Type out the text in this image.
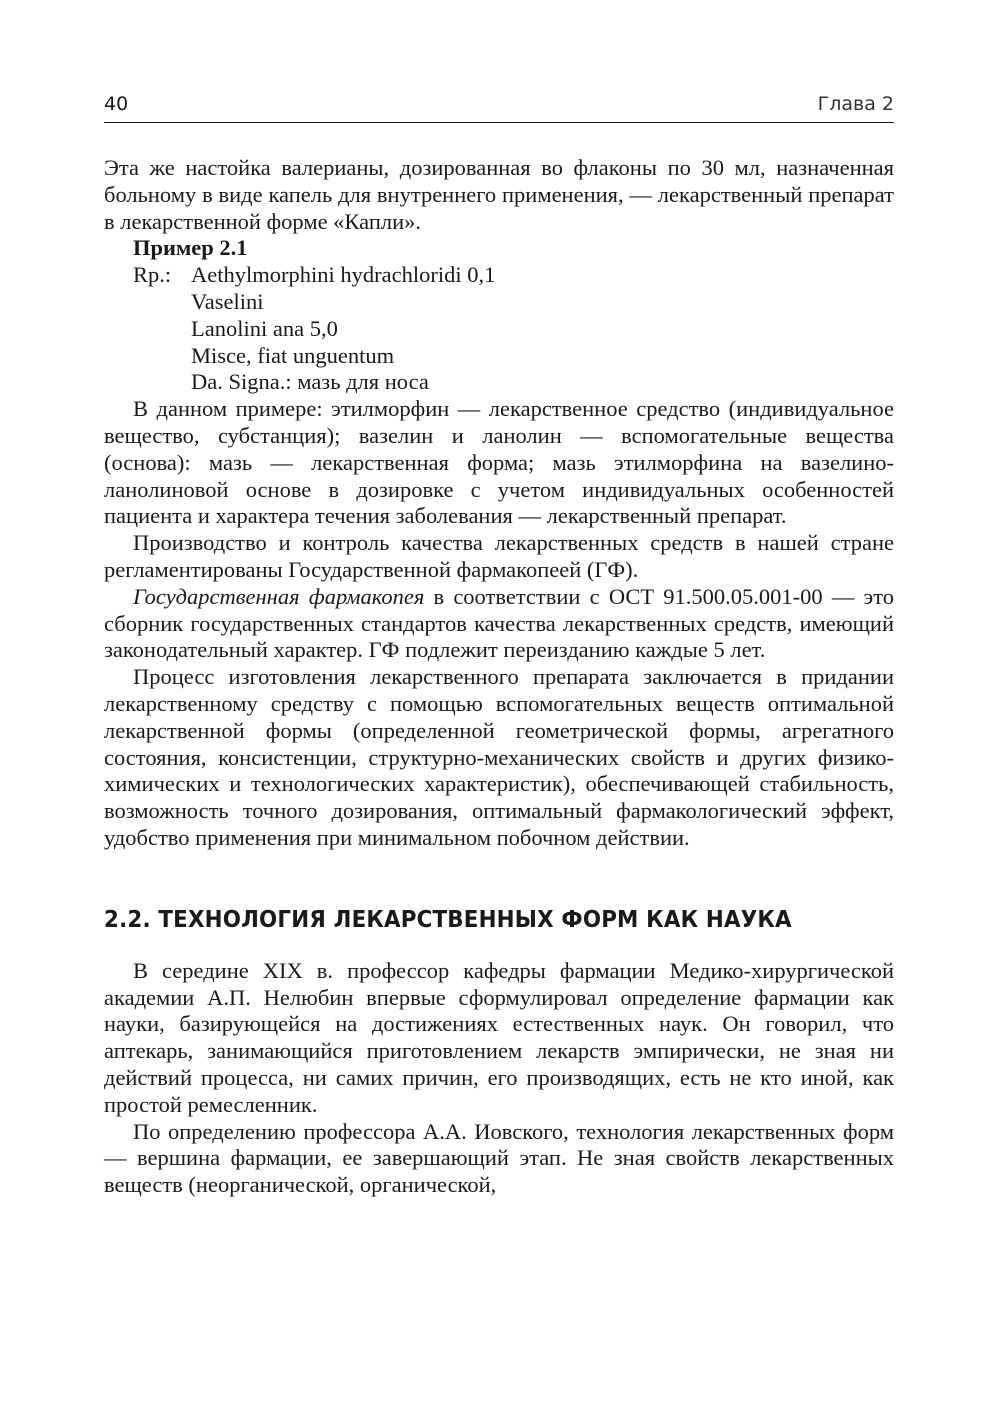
40	Глава 2

Эта же настойка валерианы, дозированная во флаконы по 30 мл, назначенная больному в виде капель для внутреннего применения, — лекарственный препарат в лекарственной форме «Капли».

Пример 2.1

Rp.: Aethylmorphini hydrachloridi 0,1
Vaselini
Lanolini ana 5,0
Misce, fiat unguentum
Da. Signa.: мазь для носа

В данном примере: этилморфин — лекарственное средство (индивидуальное вещество, субстанция); вазелин и ланолин — вспомогательные вещества (основа): мазь — лекарственная форма; мазь этилморфина на вазелино-ланолиновой основе в дозировке с учетом индивидуальных особенностей пациента и характера течения заболевания — лекарственный препарат.

Производство и контроль качества лекарственных средств в нашей стране регламентированы Государственной фармакопеей (ГФ).

Государственная фармакопея в соответствии с ОСТ 91.500.05.001-00 — это сборник государственных стандартов качества лекарственных средств, имеющий законодательный характер. ГФ подлежит переизданию каждые 5 лет.

Процесс изготовления лекарственного препарата заключается в придании лекарственному средству с помощью вспомогательных веществ оптимальной лекарственной формы (определенной геометрической формы, агрегатного состояния, консистенции, структурно-механических свойств и других физико-химических и технологических характеристик), обеспечивающей стабильность, возможность точного дозирования, оптимальный фармакологический эффект, удобство применения при минимальном побочном действии.

2.2. ТЕХНОЛОГИЯ ЛЕКАРСТВЕННЫХ ФОРМ КАК НАУКА

В середине XIX в. профессор кафедры фармации Медико-хирургической академии А.П. Нелюбин впервые сформулировал определение фармации как науки, базирующейся на достижениях естественных наук. Он говорил, что аптекарь, занимающийся приготовлением лекарств эмпирически, не зная ни действий процесса, ни самих причин, его производящих, есть не кто иной, как простой ремесленник.

По определению профессора А.А. Иовского, технология лекарственных форм — вершина фармации, ее завершающий этап. Не зная свойств лекарственных веществ (неорганической, органической,
